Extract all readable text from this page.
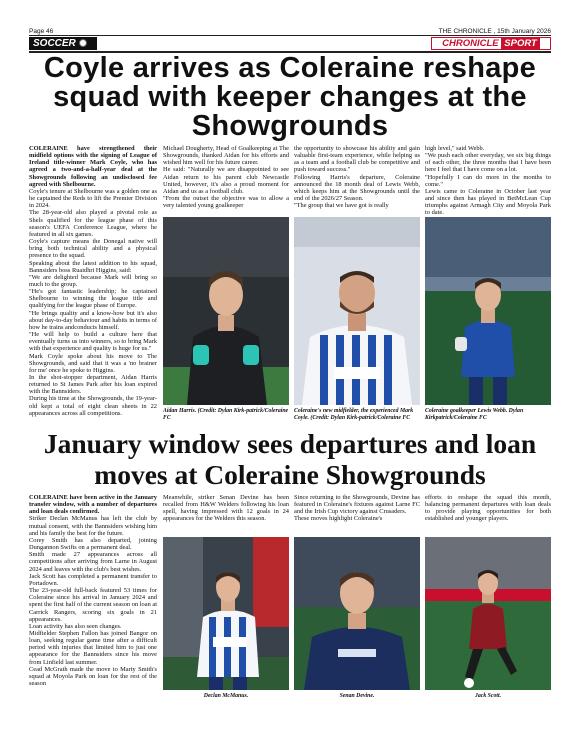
Page 46	THE CHRONICLE , 15th January 2026
SOCCER	CHRONICLE SPORT
Coyle arrives as Coleraine reshape squad with keeper changes at the Showgrounds

COLERAINE have strengthened their midfield options with the signing of League of Ireland title-winner Mark Coyle, who has agreed a two-and-a-half-year deal at the Showgrounds following an undisclosed fee agreed with Shelbourne.

Coyle's tenure at Shelbourne was a golden one as he captained the Reds to lift the Premier Division in 2024.

The 28-year-old also played a pivotal role as Shels qualified for the league phase of this season's UEFA Conference League, where he featured in all six games.

Coyle's capture means the Donegal native will bring both technical ability and a physical presence to the squad.

Speaking about the latest addition to his squad, Bannsiders boss Ruaidhri Higgins, said:

"We are delighted because Mark will bring so much to the group.

"He's got fantastic leadership; he captained Shelbourne to winning the league title and qualifying for the league phase of Europe.

"He brings quality and a know-how but it's also about day-to-day behaviour and habits in terms of how he trains andconducts himself.

"He will help to build a culture here that eventually turns us into winners, so to bring Mark with that experience and quality is huge for us."

Mark Coyle spoke about his move to The Showgrounds, and said that it was a 'no brainer for me' once he spoke to Higgins.

In the shot-stopper department, Aidan Harris returned to St James Park after his loan expired with the Bannsiders.

During his time at the Showgrounds, the 19-year-old kept a total of eight clean sheets in 22 appearances across all competitions.

Michael Dougherty, Head of Goalkeeping at The Showgrounds, thanked Aidan for his efforts and wished him well for his future career.

He said: "Naturally we are disappointed to see Aidan return to his parent club Newcastle United, however, it's also a proud moment for Aidan and us as a football club.

"From the outset the objective was to allow a very talented young goalkeeper

the opportunity to showcase his ability and gain valuable first-team experience, while helping us as a team and a football club be competitive and push toward success."

Following Harris's departure, Coleraine announced the 18 month deal of Lewis Webb, which keeps him at the Showgrounds until the end of the 2026/27 Season.

"The group that we have got is really

high level," said Webb.

"We push each other everyday, we six big things of each other, the three months that I have been here I feel that I have come on a lot.

"Hopefully I can do more in the months to come."

Lewis came to Coleraine in October last year and since then has played in BetMcLean Cup triumphs against Armagh City and Moyola Park to date.

Aidan Harris. (Credit: Dylan Kirk-patrick/Coleraine FC
Coleraine's new midfielder, the experienced Mark Coyle. (Credit: Dylan Kirk-patrick/Coleraine FC
Coleraine goalkeeper Lewis Webb. Dylan Kirkpatrick/Coleraine FC
January window sees departures and loan moves at Coleraine Showgrounds

COLERAINE have been active in the January transfer window, with a number of departures and loan deals confirmed.

Striker Declan McManus has left the club by mutual consent, with the Bannsiders wishing him and his family the best for the future.

Corey Smith has also departed, joining Dungannon Swifts on a permanent deal.

Smith made 27 appearances across all competitions after arriving from Larne in August 2024 and leaves with the club's best wishes.

Jack Scott has completed a permanent transfer to Portadown.

The 23-year-old full-back featured 53 times for Coleraine since his arrival in January 2024 and spent the first half of the current season on loan at Carrick Rangers, scoring six goals in 21 appearances.

Loan activity has also seen changes.

Midfielder Stephen Fallon has joined Bangor on loan, seeking regular game time after a difficult period with injuries that limited him to just one appearance for the Bannsiders since his move from Linfield last summer.

Cead McGrath made the move to Marty Smith's squad at Moyola Park on loan for the rest of the season

Meanwhile, striker Senan Devine has been recalled from H&W Welders following his loan spell, having impressed with 12 goals in 24 appearances for the Welders this season.

Since returning to the Showgrounds, Devine has featured in Coleraine's fixtures against Larne FC and the Irish Cup victory against Crusaders.

These moves highlight Coleraine's

efforts to reshape the squad this month, balancing permanent departures with loan deals to provide playing opportunities for both established and younger players.

Declan McManus.	Senan Devine.	Jack Scott.
